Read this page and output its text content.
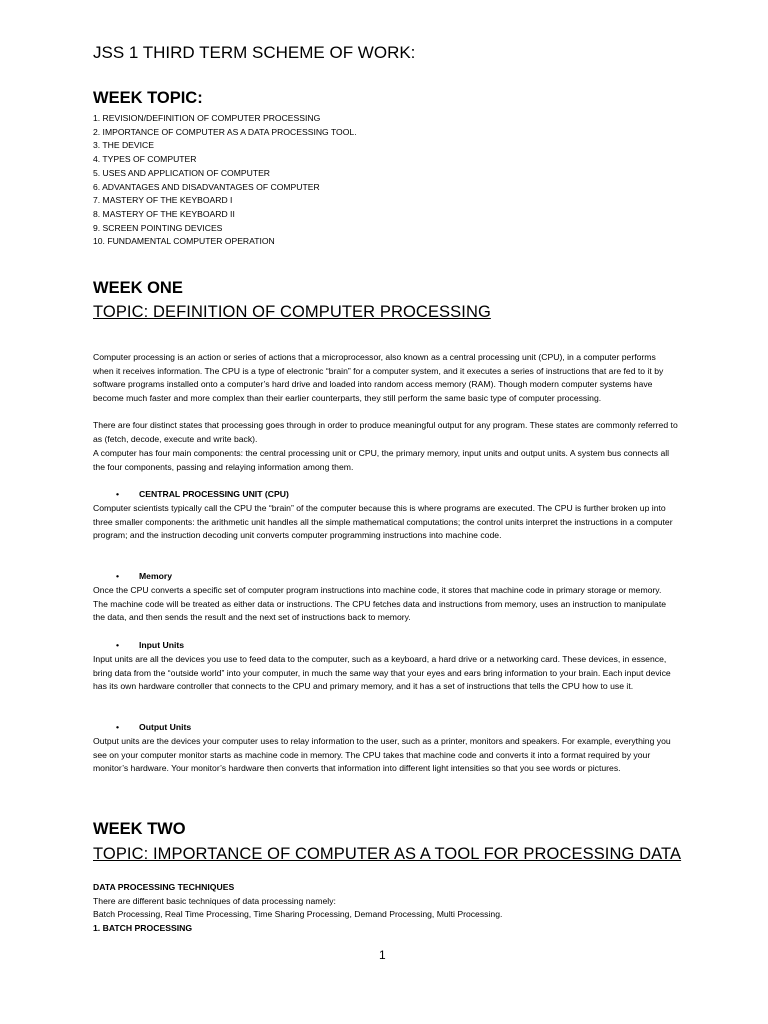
JSS 1 THIRD TERM SCHEME OF WORK:
WEEK TOPIC:
1. REVISION/DEFINITION OF COMPUTER PROCESSING
2. IMPORTANCE OF COMPUTER AS A DATA PROCESSING TOOL.
3. THE DEVICE
4. TYPES OF COMPUTER
5. USES AND APPLICATION OF COMPUTER
6. ADVANTAGES AND DISADVANTAGES OF COMPUTER
7. MASTERY OF THE KEYBOARD I
8. MASTERY OF THE KEYBOARD II
9. SCREEN POINTING DEVICES
10. FUNDAMENTAL COMPUTER OPERATION
WEEK ONE
TOPIC: DEFINITION OF COMPUTER PROCESSING

Computer processing is an action or series of actions that a microprocessor, also known as a central processing unit (CPU), in a computer performs when it receives information. The CPU is a type of electronic “brain” for a computer system, and it executes a series of instructions that are fed to it by software programs installed onto a computer’s hard drive and loaded into random access memory (RAM). Though modern computer systems have become much faster and more complex than their earlier counterparts, they still perform the same basic type of computer processing.

There are four distinct states that processing goes through in order to produce meaningful output for any program. These states are commonly referred to as (fetch, decode, execute and write back).

A computer has four main components: the central processing unit or CPU, the primary memory, input units and output units. A system bus connects all the four components, passing and relaying information among them.

• CENTRAL PROCESSING UNIT (CPU)

Computer scientists typically call the CPU the “brain” of the computer because this is where programs are executed. The CPU is further broken up into three smaller components: the arithmetic unit handles all the simple mathematical computations; the control units interpret the instructions in a computer program; and the instruction decoding unit converts computer programming instructions into machine code.

• Memory

Once the CPU converts a specific set of computer program instructions into machine code, it stores that machine code in primary storage or memory. The machine code will be treated as either data or instructions. The CPU fetches data and instructions from memory, uses an instruction to manipulate the data, and then sends the result and the next set of instructions back to memory.

• Input Units

Input units are all the devices you use to feed data to the computer, such as a keyboard, a hard drive or a networking card. These devices, in essence, bring data from the “outside world” into your computer, in much the same way that your eyes and ears bring information to your brain. Each input device has its own hardware controller that connects to the CPU and primary memory, and it has a set of instructions that tells the CPU how to use it.

• Output Units

Output units are the devices your computer uses to relay information to the user, such as a printer, monitors and speakers. For example, everything you see on your computer monitor starts as machine code in memory. The CPU takes that machine code and converts it into a format required by your monitor’s hardware. Your monitor’s hardware then converts that information into different light intensities so that you see words or pictures.

WEEK TWO
TOPIC: IMPORTANCE OF COMPUTER AS A TOOL FOR PROCESSING DATA
DATA PROCESSING TECHNIQUES

There are different basic techniques of data processing namely:

Batch Processing, Real Time Processing, Time Sharing Processing, Demand Processing, Multi Processing.

1. BATCH PROCESSING
1
